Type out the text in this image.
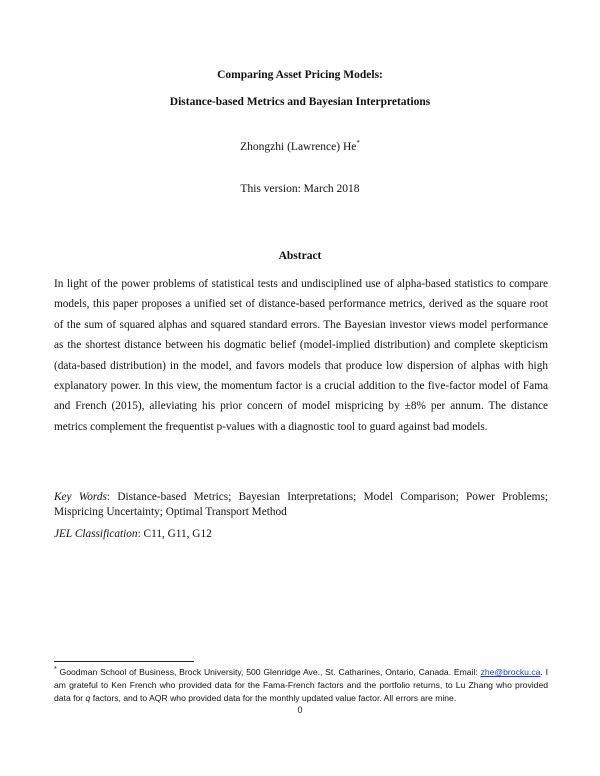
Comparing Asset Pricing Models:
Distance-based Metrics and Bayesian Interpretations
Zhongzhi (Lawrence) He*
This version: March 2018
Abstract

In light of the power problems of statistical tests and undisciplined use of alpha-based statistics to compare models, this paper proposes a unified set of distance-based performance metrics, derived as the square root of the sum of squared alphas and squared standard errors. The Bayesian investor views model performance as the shortest distance between his dogmatic belief (model-implied distribution) and complete skepticism (data-based distribution) in the model, and favors models that produce low dispersion of alphas with high explanatory power. In this view, the momentum factor is a crucial addition to the five-factor model of Fama and French (2015), alleviating his prior concern of model mispricing by ±8% per annum. The distance metrics complement the frequentist p-values with a diagnostic tool to guard against bad models.

Key Words: Distance-based Metrics; Bayesian Interpretations; Model Comparison; Power Problems; Mispricing Uncertainty; Optimal Transport Method

JEL Classification: C11, G11, G12

* Goodman School of Business, Brock University, 500 Glenridge Ave., St. Catharines, Ontario, Canada. Email: zhe@brocku.ca. I am grateful to Ken French who provided data for the Fama-French factors and the portfolio returns, to Lu Zhang who provided data for q factors, and to AQR who provided data for the monthly updated value factor. All errors are mine.

0
